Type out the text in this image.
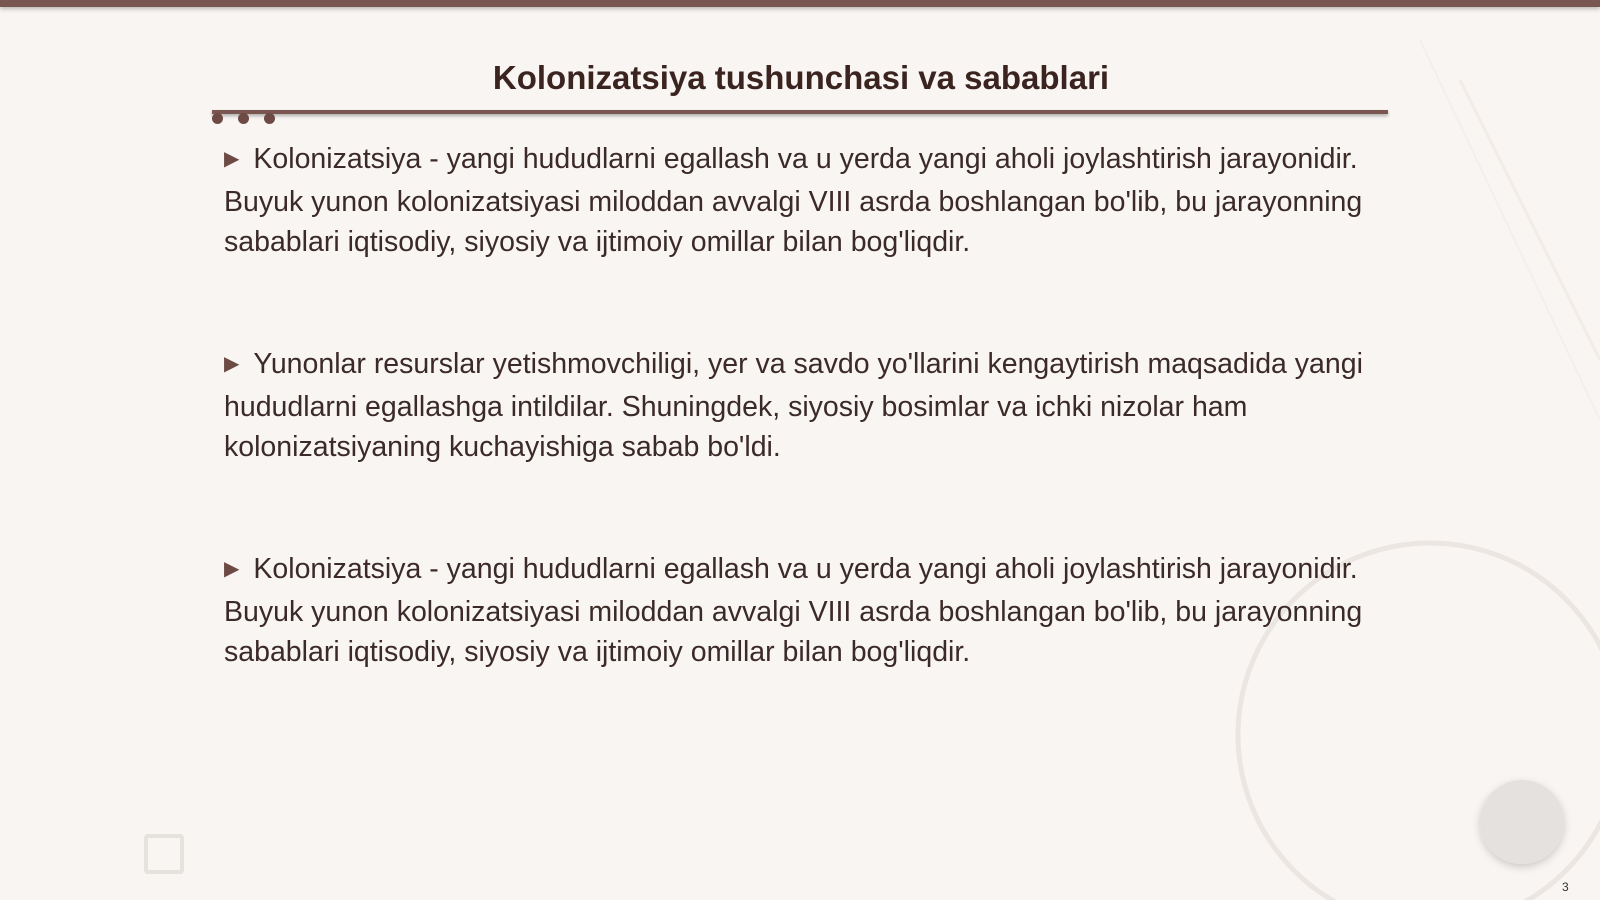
Kolonizatsiya tushunchasi va sabablari

▶ Kolonizatsiya - yangi hududlarni egallash va u yerda yangi aholi joylashtirish jarayonidir. Buyuk yunon kolonizatsiyasi miloddan avvalgi VIII asrda boshlangan bo'lib, bu jarayonning sabablari iqtisodiy, siyosiy va ijtimoiy omillar bilan bog'liqdir.

▶ Yunonlar resurslar yetishmovchiligi, yer va savdo yo'llarini kengaytirish maqsadida yangi hududlarni egallashga intildilar. Shuningdek, siyosiy bosimlar va ichki nizolar ham kolonizatsiyaning kuchayishiga sabab bo'ldi.

▶ Kolonizatsiya - yangi hududlarni egallash va u yerda yangi aholi joylashtirish jarayonidir. Buyuk yunon kolonizatsiyasi miloddan avvalgi VIII asrda boshlangan bo'lib, bu jarayonning sabablari iqtisodiy, siyosiy va ijtimoiy omillar bilan bog'liqdir.

3
